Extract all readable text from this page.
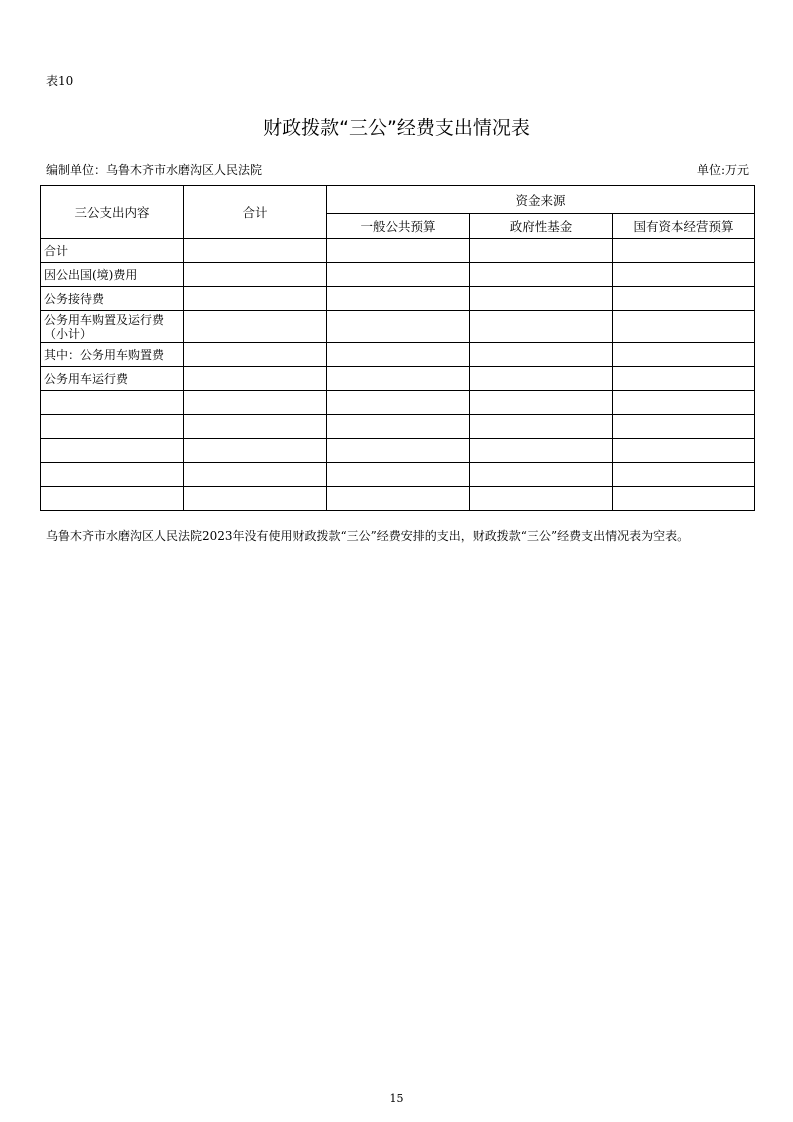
表10
财政拨款“三公”经费支出情况表
编制单位：乌鲁木齐市水磨沟区人民法院	单位:万元
三公支出内容	合计	资金来源		
		一般公共预算	政府性基金	国有资本经营预算
合计				
因公出国(境)费用				
公务接待费				
公务用车购置及运行费（小计）				
其中：公务用车购置费				
公务用车运行费				

乌鲁木齐市水磨沟区人民法院2023年没有使用财政拨款“三公”经费安排的支出，财政拨款“三公”经费支出情况表为空表。
15
